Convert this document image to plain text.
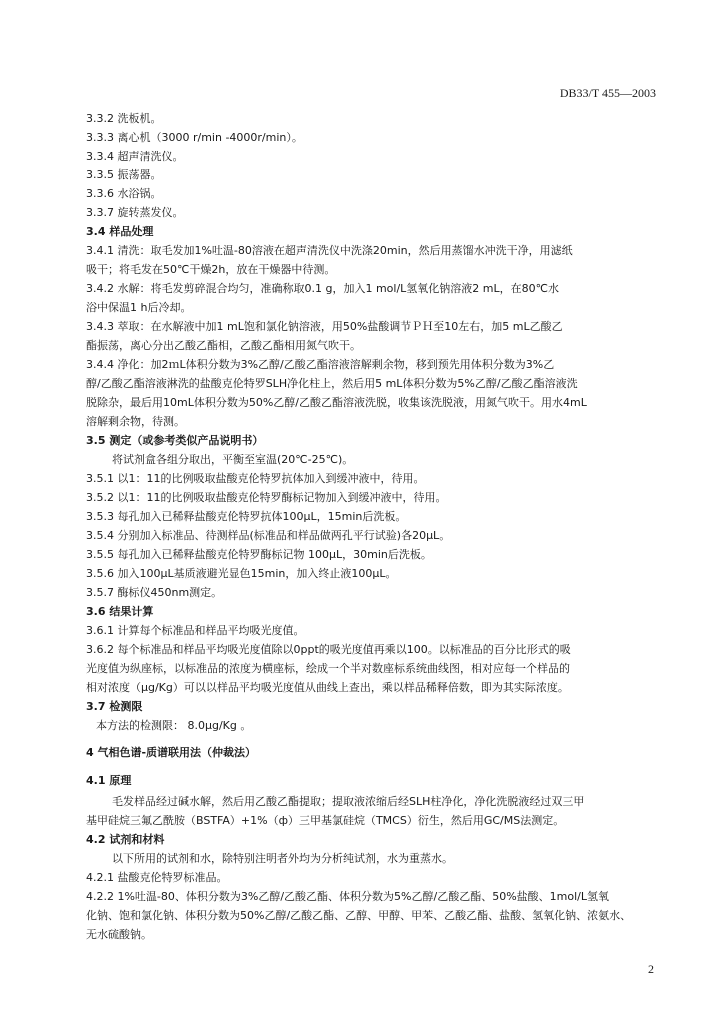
DB33/T 455—2003
3.3.2 洗板机。
3.3.3 离心机（3000 r/min -4000r/min）。
3.3.4 超声清洗仪。
3.3.5 振荡器。
3.3.6 水浴锅。
3.3.7 旋转蒸发仪。
3.4 样品处理
3.4.1 清洗：取毛发加1%吐温-80溶液在超声清洗仪中洗涤20min，然后用蒸馏水冲洗干净，用滤纸
吸干；将毛发在50℃干燥2h，放在干燥器中待测。
3.4.2 水解：将毛发剪碎混合均匀，准确称取0.1 g，加入1 mol/L氢氧化钠溶液2 mL，在80℃水
浴中保温1 h后冷却。
3.4.3 萃取：在水解液中加1 mL饱和氯化钠溶液，用50%盐酸调节ＰＨ至10左右，加5 mL乙酸乙
酯振荡，离心分出乙酸乙酯相，乙酸乙酯相用氮气吹干。
3.4.4 净化：加2ｍL体积分数为3%乙醇/乙酸乙酯溶液溶解剩余物，移到预先用体积分数为3%乙
醇/乙酸乙酯溶液淋洗的盐酸克伦特罗SLH净化柱上，然后用5 mL体积分数为5%乙醇/乙酸乙酯溶液洗
脱除杂，最后用10mL体积分数为50%乙醇/乙酸乙酯溶液洗脱，收集该洗脱液，用氮气吹干。用水4mL
溶解剩余物，待测。
3.5 测定（或参考类似产品说明书）
将试剂盒各组分取出，平衡至室温(20℃-25℃)。
3.5.1 以1：11的比例吸取盐酸克伦特罗抗体加入到缓冲液中，待用。
3.5.2 以1：11的比例吸取盐酸克伦特罗酶标记物加入到缓冲液中，待用。
3.5.3 每孔加入已稀释盐酸克伦特罗抗体100μL，15min后洗板。
3.5.4 分别加入标准品、待测样品(标准品和样品做两孔平行试验)各20μL。
3.5.5 每孔加入已稀释盐酸克伦特罗酶标记物 100μL，30min后洗板。
3.5.6 加入100μL基质液避光显色15min，加入终止液100μL。
3.5.7 酶标仪450nm测定。
3.6 结果计算
3.6.1 计算每个标准品和样品平均吸光度值。
3.6.2 每个标准品和样品平均吸光度值除以0ppt的吸光度值再乘以100。以标准品的百分比形式的吸
光度值为纵座标，以标准品的浓度为横座标，绘成一个半对数座标系统曲线图，相对应每一个样品的
相对浓度（μg/Kg）可以以样品平均吸光度值从曲线上查出，乘以样品稀释倍数，即为其实际浓度。
3.7 检测限
本方法的检测限： 8.0μg/Kg 。
4 气相色谱-质谱联用法（仲裁法）
4.1 原理
毛发样品经过碱水解，然后用乙酸乙酯提取；提取液浓缩后经SLH柱净化，净化洗脱液经过双三甲
基甲硅烷三氟乙酰胺（BSTFA）+1%（ф）三甲基氯硅烷（TMCS）衍生，然后用GC/MS法测定。
4.2 试剂和材料
以下所用的试剂和水，除特别注明者外均为分析纯试剂，水为重蒸水。
4.2.1 盐酸克伦特罗标准品。
4.2.2 1%吐温-80、体积分数为3%乙醇/乙酸乙酯、体积分数为5%乙醇/乙酸乙酯、50%盐酸、1mol/L氢氧
化钠、饱和氯化钠、体积分数为50%乙醇/乙酸乙酯、乙醇、甲醇、甲苯、乙酸乙酯、盐酸、氢氧化钠、浓氨水、
无水硫酸钠。
2
